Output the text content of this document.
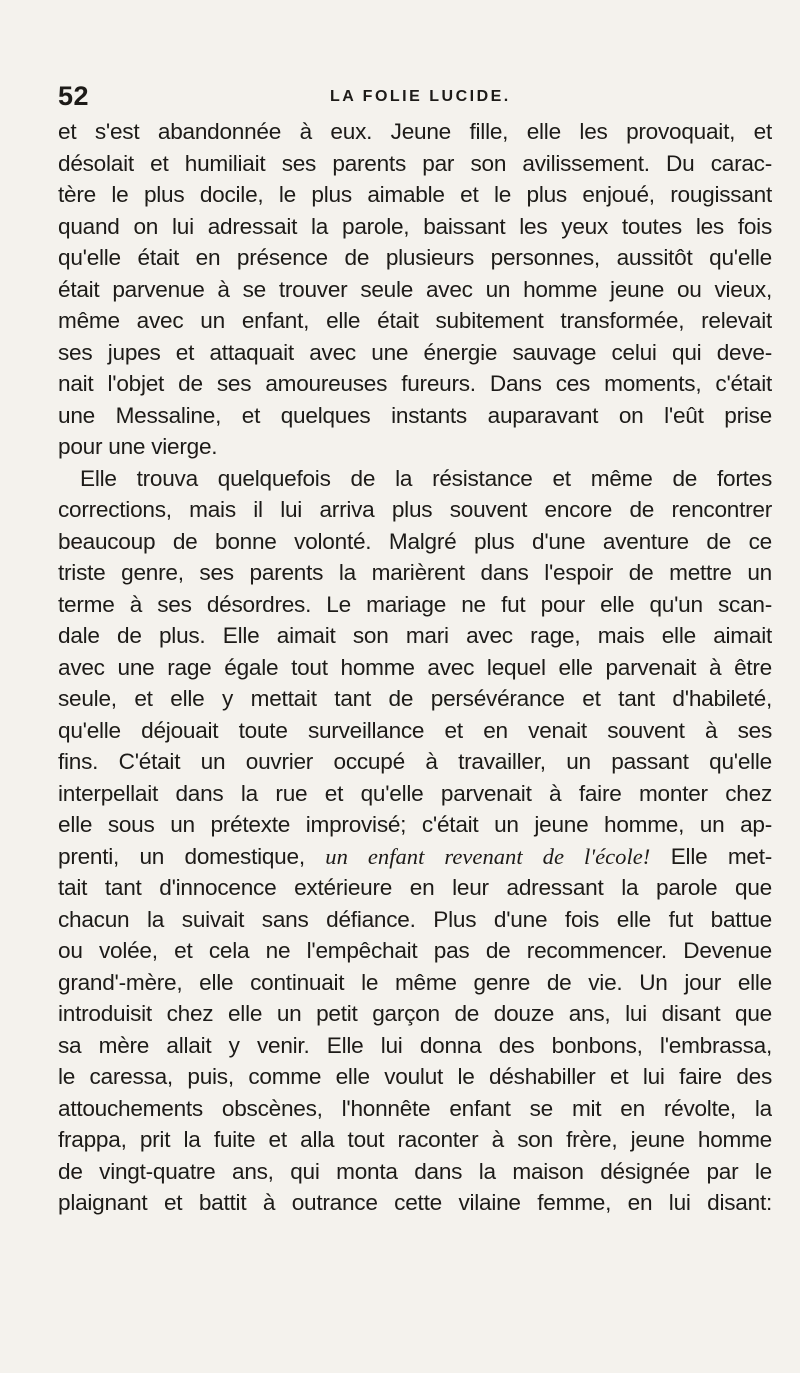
52	LA FOLIE LUCIDE.
et s'est abandonnée à eux. Jeune fille, elle les provoquait, et
désolait et humiliait ses parents par son avilissement. Du carac-
tère le plus docile, le plus aimable et le plus enjoué, rougissant
quand on lui adressait la parole, baissant les yeux toutes les fois
qu'elle était en présence de plusieurs personnes, aussitôt qu'elle
était parvenue à se trouver seule avec un homme jeune ou vieux,
même avec un enfant, elle était subitement transformée, relevait
ses jupes et attaquait avec une énergie sauvage celui qui deve-
nait l'objet de ses amoureuses fureurs. Dans ces moments, c'était
une Messaline, et quelques instants auparavant on l'eût prise
pour une vierge.
Elle trouva quelquefois de la résistance et même de fortes
corrections, mais il lui arriva plus souvent encore de rencontrer
beaucoup de bonne volonté. Malgré plus d'une aventure de ce
triste genre, ses parents la marièrent dans l'espoir de mettre un
terme à ses désordres. Le mariage ne fut pour elle qu'un scan-
dale de plus. Elle aimait son mari avec rage, mais elle aimait
avec une rage égale tout homme avec lequel elle parvenait à être
seule, et elle y mettait tant de persévérance et tant d'habileté,
qu'elle déjouait toute surveillance et en venait souvent à ses
fins. C'était un ouvrier occupé à travailler, un passant qu'elle
interpellait dans la rue et qu'elle parvenait à faire monter chez
elle sous un prétexte improvisé; c'était un jeune homme, un ap-
prenti, un domestique, un enfant revenant de l'école! Elle met-
tait tant d'innocence extérieure en leur adressant la parole que
chacun la suivait sans défiance. Plus d'une fois elle fut battue
ou volée, et cela ne l'empêchait pas de recommencer. Devenue
grand'-mère, elle continuait le même genre de vie. Un jour elle
introduisit chez elle un petit garçon de douze ans, lui disant que
sa mère allait y venir. Elle lui donna des bonbons, l'embrassa,
le caressa, puis, comme elle voulut le déshabiller et lui faire des
attouchements obscènes, l'honnête enfant se mit en révolte, la
frappa, prit la fuite et alla tout raconter à son frère, jeune homme
de vingt-quatre ans, qui monta dans la maison désignée par le
plaignant et battit à outrance cette vilaine femme, en lui disant:
